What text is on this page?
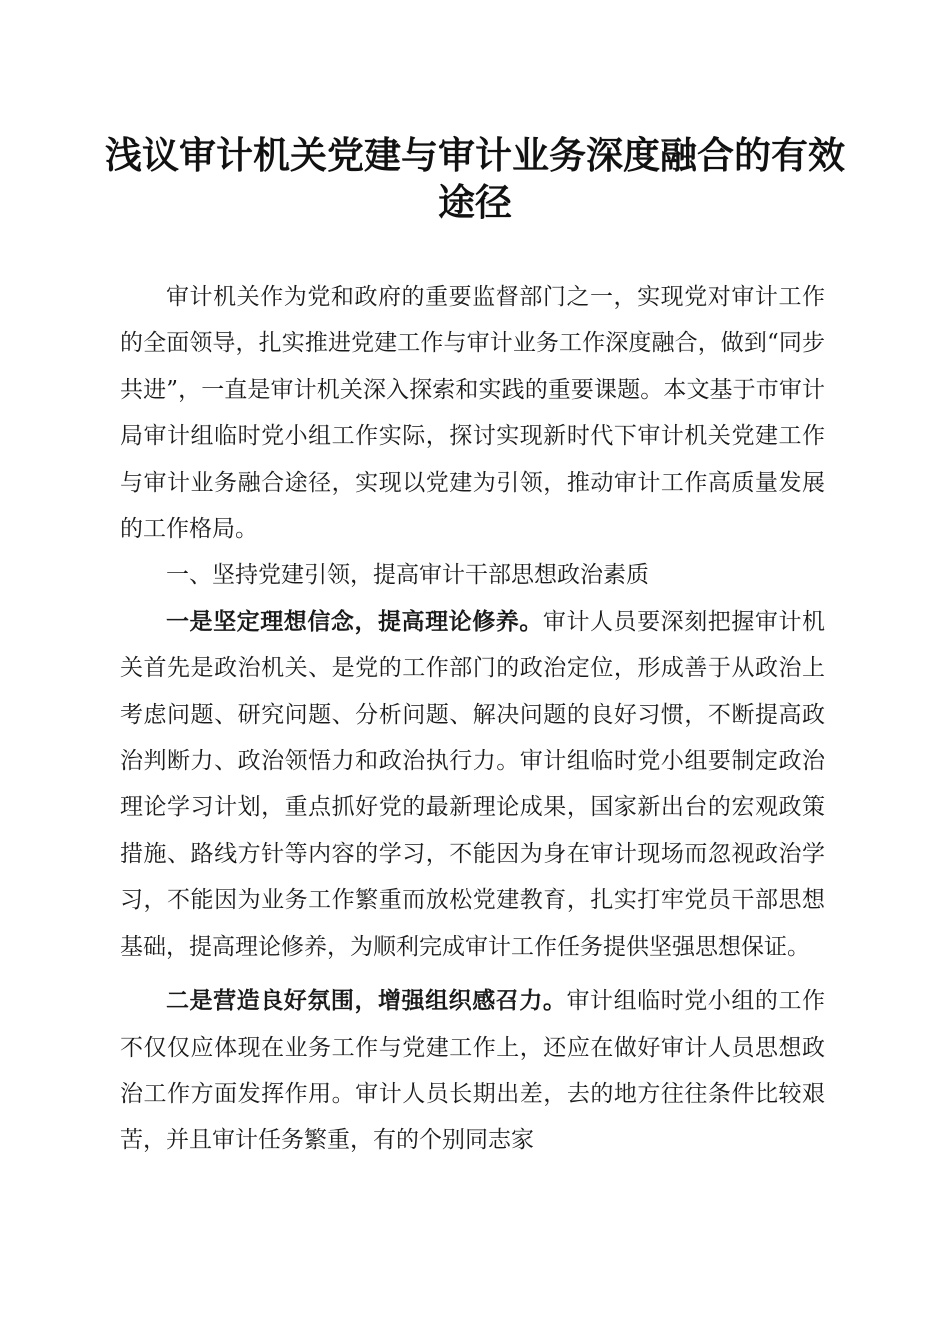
浅议审计机关党建与审计业务深度融合的有效途径

审计机关作为党和政府的重要监督部门之一，实现党对审计工作的全面领导，扎实推进党建工作与审计业务工作深度融合，做到“同步共进”，一直是审计机关深入探索和实践的重要课题。本文基于市审计局审计组临时党小组工作实际，探讨实现新时代下审计机关党建工作与审计业务融合途径，实现以党建为引领，推动审计工作高质量发展的工作格局。

一、坚持党建引领，提高审计干部思想政治素质

一是坚定理想信念，提高理论修养。审计人员要深刻把握审计机关首先是政治机关、是党的工作部门的政治定位，形成善于从政治上考虑问题、研究问题、分析问题、解决问题的良好习惯，不断提高政治判断力、政治领悟力和政治执行力。审计组临时党小组要制定政治理论学习计划，重点抓好党的最新理论成果，国家新出台的宏观政策措施、路线方针等内容的学习，不能因为身在审计现场而忽视政治学习，不能因为业务工作繁重而放松党建教育，扎实打牢党员干部思想基础，提高理论修养，为顺利完成审计工作任务提供坚强思想保证。

二是营造良好氛围，增强组织感召力。审计组临时党小组的工作不仅仅应体现在业务工作与党建工作上，还应在做好审计人员思想政治工作方面发挥作用。审计人员长期出差，去的地方往往条件比较艰苦，并且审计任务繁重，有的个别同志家
